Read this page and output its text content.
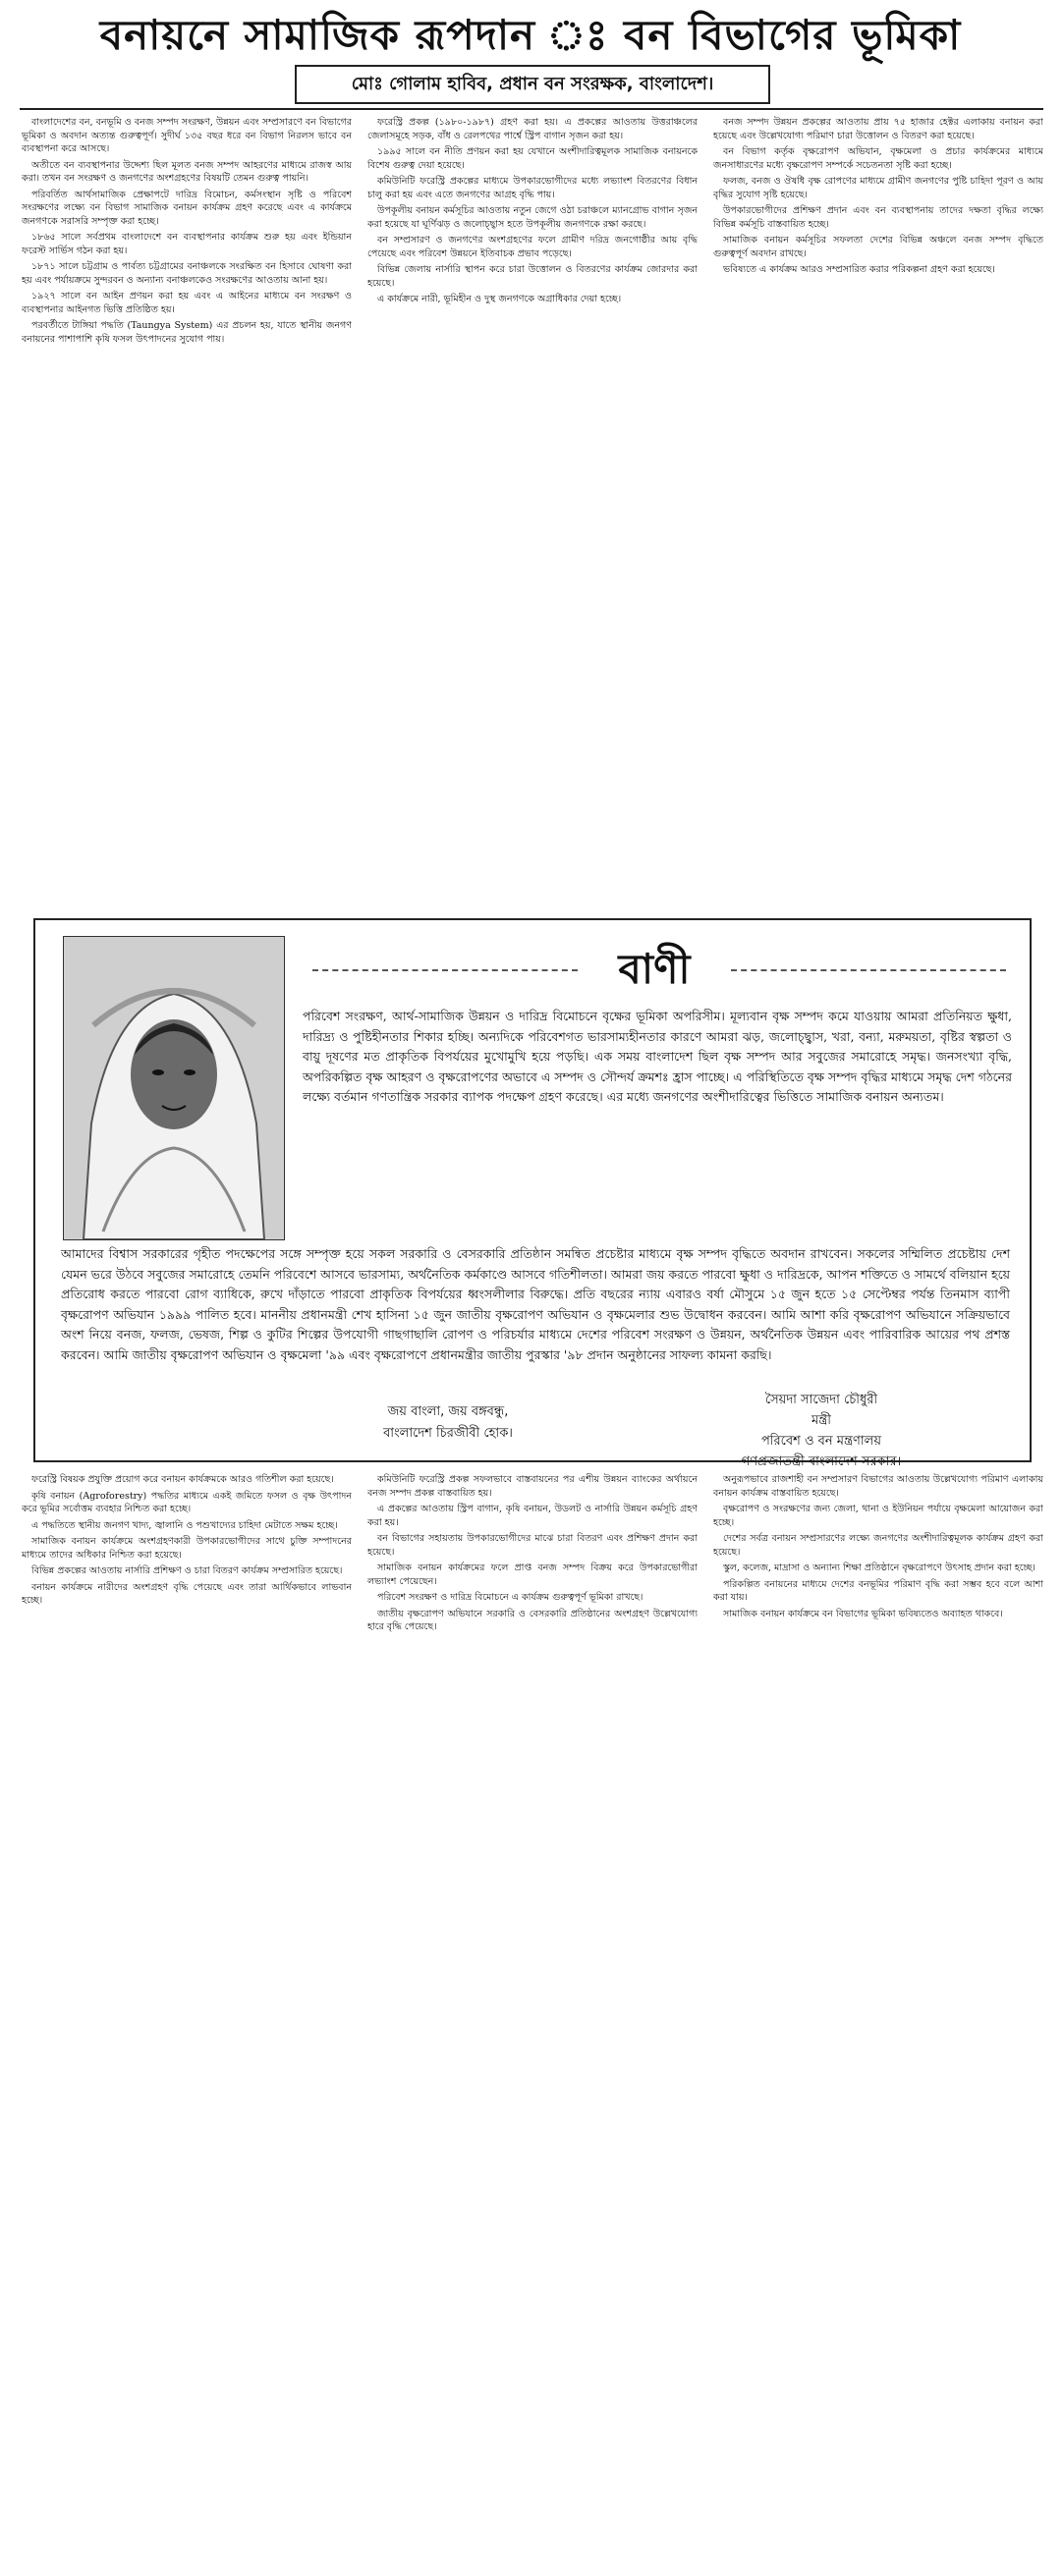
বনায়নে সামাজিক রূপদান ঃ বন বিভাগের ভূমিকা
মোঃ গোলাম হাবিব, প্রধান বন সংরক্ষক, বাংলাদেশ।

বাংলাদেশের বন, বনভূমি ও বনজ সম্পদ সংরক্ষণ, উন্নয়ন এবং সম্প্রসারণে বন বিভাগের ভূমিকা ও অবদান অত্যন্ত গুরুত্বপূর্ণ। সুদীর্ঘ ১৩৫ বছর ধরে বন বিভাগ নিরলস ভাবে বন ব্যবস্থাপনা করে আসছে।

অতীতে বন ব্যবস্থাপনার উদ্দেশ্য ছিল মূলত বনজ সম্পদ আহরণের মাধ্যমে রাজস্ব আয় করা। তখন বন সংরক্ষণ ও জনগণের অংশগ্রহণের বিষয়টি তেমন গুরুত্ব পায়নি।

পরিবর্তিত আর্থসামাজিক প্রেক্ষাপটে দারিদ্র বিমোচন, কর্মসংস্থান সৃষ্টি ও পরিবেশ সংরক্ষণের লক্ষ্যে বন বিভাগ সামাজিক বনায়ন কার্যক্রম গ্রহণ করেছে এবং এ কার্যক্রমে জনগণকে সরাসরি সম্পৃক্ত করা হচ্ছে।

১৮৬৫ সালে সর্বপ্রথম বাংলাদেশে বন ব্যবস্থাপনার কার্যক্রম শুরু হয় এবং ইন্ডিয়ান ফরেস্ট সার্ভিস গঠন করা হয়।

১৮৭১ সালে চট্টগ্রাম ও পার্বত্য চট্টগ্রামের বনাঞ্চলকে সংরক্ষিত বন হিসাবে ঘোষণা করা হয় এবং পর্যায়ক্রমে সুন্দরবন ও অন্যান্য বনাঞ্চলকেও সংরক্ষণের আওতায় আনা হয়।

১৯২৭ সালে বন আইন প্রণয়ন করা হয় এবং এ আইনের মাধ্যমে বন সংরক্ষণ ও ব্যবস্থাপনার আইনগত ভিত্তি প্রতিষ্ঠিত হয়।

পরবর্তীতে টাঙ্গিয়া পদ্ধতি (Taungya System) এর প্রচলন হয়, যাতে স্থানীয় জনগণ বনায়নের পাশাপাশি কৃষি ফসল উৎপাদনের সুযোগ পায়।

ফরেস্ট্রি প্রকল্প (১৯৮০-১৯৮৭) গ্রহণ করা হয়। এ প্রকল্পের আওতায় উত্তরাঞ্চলের জেলাসমূহে সড়ক, বাঁধ ও রেলপথের পার্শ্বে স্ট্রিপ বাগান সৃজন করা হয়।

১৯৯৫ সালে বন নীতি প্রণয়ন করা হয় যেখানে অংশীদারিত্বমূলক সামাজিক বনায়নকে বিশেষ গুরুত্ব দেয়া হয়েছে।

কমিউনিটি ফরেস্ট্রি প্রকল্পের মাধ্যমে উপকারভোগীদের মধ্যে লভ্যাংশ বিতরণের বিধান চালু করা হয় এবং এতে জনগণের আগ্রহ বৃদ্ধি পায়।

উপকূলীয় বনায়ন কর্মসূচির আওতায় নতুন জেগে ওঠা চরাঞ্চলে ম্যানগ্রোভ বাগান সৃজন করা হয়েছে যা ঘূর্ণিঝড় ও জলোচ্ছ্বাস হতে উপকূলীয় জনগণকে রক্ষা করছে।

বন সম্প্রসারণ ও জনগণের অংশগ্রহণের ফলে গ্রামীণ দরিদ্র জনগোষ্ঠীর আয় বৃদ্ধি পেয়েছে এবং পরিবেশ উন্নয়নে ইতিবাচক প্রভাব পড়েছে।

বিভিন্ন জেলায় নার্সারি স্থাপন করে চারা উত্তোলন ও বিতরণের কার্যক্রম জোরদার করা হয়েছে।

এ কার্যক্রমে নারী, ভূমিহীন ও দুস্থ জনগণকে অগ্রাধিকার দেয়া হচ্ছে।

বনজ সম্পদ উন্নয়ন প্রকল্পের আওতায় প্রায় ৭৫ হাজার হেক্টর এলাকায় বনায়ন করা হয়েছে এবং উল্লেখযোগ্য পরিমাণ চারা উত্তোলন ও বিতরণ করা হয়েছে।

বন বিভাগ কর্তৃক বৃক্ষরোপণ অভিযান, বৃক্ষমেলা ও প্রচার কার্যক্রমের মাধ্যমে জনসাধারণের মধ্যে বৃক্ষরোপণ সম্পর্কে সচেতনতা সৃষ্টি করা হচ্ছে।

ফলজ, বনজ ও ঔষধি বৃক্ষ রোপণের মাধ্যমে গ্রামীণ জনগণের পুষ্টি চাহিদা পূরণ ও আয় বৃদ্ধির সুযোগ সৃষ্টি হয়েছে।

উপকারভোগীদের প্রশিক্ষণ প্রদান এবং বন ব্যবস্থাপনায় তাদের দক্ষতা বৃদ্ধির লক্ষ্যে বিভিন্ন কর্মসূচি বাস্তবায়িত হচ্ছে।

সামাজিক বনায়ন কর্মসূচির সফলতা দেশের বিভিন্ন অঞ্চলে বনজ সম্পদ বৃদ্ধিতে গুরুত্বপূর্ণ অবদান রাখছে।

ভবিষ্যতে এ কার্যক্রম আরও সম্প্রসারিত করার পরিকল্পনা গ্রহণ করা হয়েছে।

বাণী

পরিবেশ সংরক্ষণ, আর্থ-সামাজিক উন্নয়ন ও দারিদ্র বিমোচনে বৃক্ষের ভূমিকা অপরিসীম। মূল্যবান বৃক্ষ সম্পদ কমে যাওয়ায় আমরা প্রতিনিয়ত ক্ষুধা, দারিদ্র্য ও পুষ্টিহীনতার শিকার হচ্ছি। অন্যদিকে পরিবেশগত ভারসাম্যহীনতার কারণে আমরা ঝড়, জলোচ্ছ্বাস, খরা, বন্যা, মরুময়তা, বৃষ্টির স্বল্পতা ও বায়ু দূষণের মত প্রাকৃতিক বিপর্যয়ের মুখোমুখি হয়ে পড়ছি। এক সময় বাংলাদেশ ছিল বৃক্ষ সম্পদ আর সবুজের সমারোহে সমৃদ্ধ। জনসংখ্যা বৃদ্ধি, অপরিকল্পিত বৃক্ষ আহরণ ও বৃক্ষরোপণের অভাবে এ সম্পদ ও সৌন্দর্য ক্রমশঃ হ্রাস পাচ্ছে। এ পরিস্থিতিতে বৃক্ষ সম্পদ বৃদ্ধির মাধ্যমে সমৃদ্ধ দেশ গঠনের লক্ষ্যে বর্তমান গণতান্ত্রিক সরকার ব্যাপক পদক্ষেপ গ্রহণ করেছে। এর মধ্যে জনগণের অংশীদারিত্বের ভিত্তিতে সামাজিক বনায়ন অন্যতম।

আমাদের বিশ্বাস সরকারের গৃহীত পদক্ষেপের সঙ্গে সম্পৃক্ত হয়ে সকল সরকারি ও বেসরকারি প্রতিষ্ঠান সমন্বিত প্রচেষ্টার মাধ্যমে বৃক্ষ সম্পদ বৃদ্ধিতে অবদান রাখবেন। সকলের সম্মিলিত প্রচেষ্টায় দেশ যেমন ভরে উঠবে সবুজের সমারোহে তেমনি পরিবেশে আসবে ভারসাম্য, অর্থনৈতিক কর্মকাণ্ডে আসবে গতিশীলতা। আমরা জয় করতে পারবো ক্ষুধা ও দারিদ্রকে, আপন শক্তিতে ও সামর্থে বলিয়ান হয়ে প্রতিরোধ করতে পারবো রোগ ব্যাধিকে, রুখে দাঁড়াতে পারবো প্রাকৃতিক বিপর্যয়ের ধ্বংসলীলার বিরুদ্ধে। প্রতি বছরের ন্যায় এবারও বর্ষা মৌসুমে ১৫ জুন হতে ১৫ সেপ্টেম্বর পর্যন্ত তিনমাস ব্যাপী বৃক্ষরোপণ অভিযান ১৯৯৯ পালিত হবে। মাননীয় প্রধানমন্ত্রী শেখ হাসিনা ১৫ জুন জাতীয় বৃক্ষরোপণ অভিযান ও বৃক্ষমেলার শুভ উদ্বোধন করবেন। আমি আশা করি বৃক্ষরোপণ অভিযানে সক্রিয়ভাবে অংশ নিয়ে বনজ, ফলজ, ভেষজ, শিল্প ও কুটির শিল্পের উপযোগী গাছগাছালি রোপণ ও পরিচর্যার মাধ্যমে দেশের পরিবেশ সংরক্ষণ ও উন্নয়ন, অর্থনৈতিক উন্নয়ন এবং পারিবারিক আয়ের পথ প্রশস্ত করবেন। আমি জাতীয় বৃক্ষরোপণ অভিযান ও বৃক্ষমেলা '৯৯ এবং বৃক্ষরোপণে প্রধানমন্ত্রীর জাতীয় পুরস্কার '৯৮ প্রদান অনুষ্ঠানের সাফল্য কামনা করছি।

জয় বাংলা, জয় বঙ্গবন্ধু,
বাংলাদেশ চিরজীবী হোক।
সৈয়দা সাজেদা চৌধুরী
মন্ত্রী
পরিবেশ ও বন মন্ত্রণালয়
গণপ্রজাতন্ত্রী বাংলাদেশ সরকার।

ফরেস্ট্রি বিষয়ক প্রযুক্তি প্রয়োগ করে বনায়ন কার্যক্রমকে আরও গতিশীল করা হয়েছে।

কৃষি বনায়ন (Agroforestry) পদ্ধতির মাধ্যমে একই জমিতে ফসল ও বৃক্ষ উৎপাদন করে ভূমির সর্বোত্তম ব্যবহার নিশ্চিত করা হচ্ছে।

এ পদ্ধতিতে স্থানীয় জনগণ খাদ্য, জ্বালানি ও পশুখাদ্যের চাহিদা মেটাতে সক্ষম হচ্ছে।

সামাজিক বনায়ন কার্যক্রমে অংশগ্রহণকারী উপকারভোগীদের সাথে চুক্তি সম্পাদনের মাধ্যমে তাদের অধিকার নিশ্চিত করা হয়েছে।

বিভিন্ন প্রকল্পের আওতায় নার্সারি প্রশিক্ষণ ও চারা বিতরণ কার্যক্রম সম্প্রসারিত হয়েছে।

বনায়ন কার্যক্রমে নারীদের অংশগ্রহণ বৃদ্ধি পেয়েছে এবং তারা আর্থিকভাবে লাভবান হচ্ছে।

কমিউনিটি ফরেস্ট্রি প্রকল্প সফলভাবে বাস্তবায়নের পর এশীয় উন্নয়ন ব্যাংকের অর্থায়নে বনজ সম্পদ প্রকল্প বাস্তবায়িত হয়।

এ প্রকল্পের আওতায় স্ট্রিপ বাগান, কৃষি বনায়ন, উডলট ও নার্সারি উন্নয়ন কর্মসূচি গ্রহণ করা হয়।

বন বিভাগের সহায়তায় উপকারভোগীদের মাঝে চারা বিতরণ এবং প্রশিক্ষণ প্রদান করা হয়েছে।

সামাজিক বনায়ন কার্যক্রমের ফলে প্রাপ্ত বনজ সম্পদ বিক্রয় করে উপকারভোগীরা লভ্যাংশ পেয়েছেন।

পরিবেশ সংরক্ষণ ও দারিদ্র বিমোচনে এ কার্যক্রম গুরুত্বপূর্ণ ভূমিকা রাখছে।

জাতীয় বৃক্ষরোপণ অভিযানে সরকারি ও বেসরকারি প্রতিষ্ঠানের অংশগ্রহণ উল্লেখযোগ্য হারে বৃদ্ধি পেয়েছে।

অনুরূপভাবে রাজশাহী বন সম্প্রসারণ বিভাগের আওতায় উল্লেখযোগ্য পরিমাণ এলাকায় বনায়ন কার্যক্রম বাস্তবায়িত হয়েছে।

বৃক্ষরোপণ ও সংরক্ষণের জন্য জেলা, থানা ও ইউনিয়ন পর্যায়ে বৃক্ষমেলা আয়োজন করা হচ্ছে।

দেশের সর্বত্র বনায়ন সম্প্রসারণের লক্ষ্যে জনগণের অংশীদারিত্বমূলক কার্যক্রম গ্রহণ করা হয়েছে।

স্কুল, কলেজ, মাদ্রাসা ও অন্যান্য শিক্ষা প্রতিষ্ঠানে বৃক্ষরোপণে উৎসাহ প্রদান করা হচ্ছে।

পরিকল্পিত বনায়নের মাধ্যমে দেশের বনভূমির পরিমাণ বৃদ্ধি করা সম্ভব হবে বলে আশা করা যায়।

সামাজিক বনায়ন কার্যক্রমে বন বিভাগের ভূমিকা ভবিষ্যতেও অব্যাহত থাকবে।
